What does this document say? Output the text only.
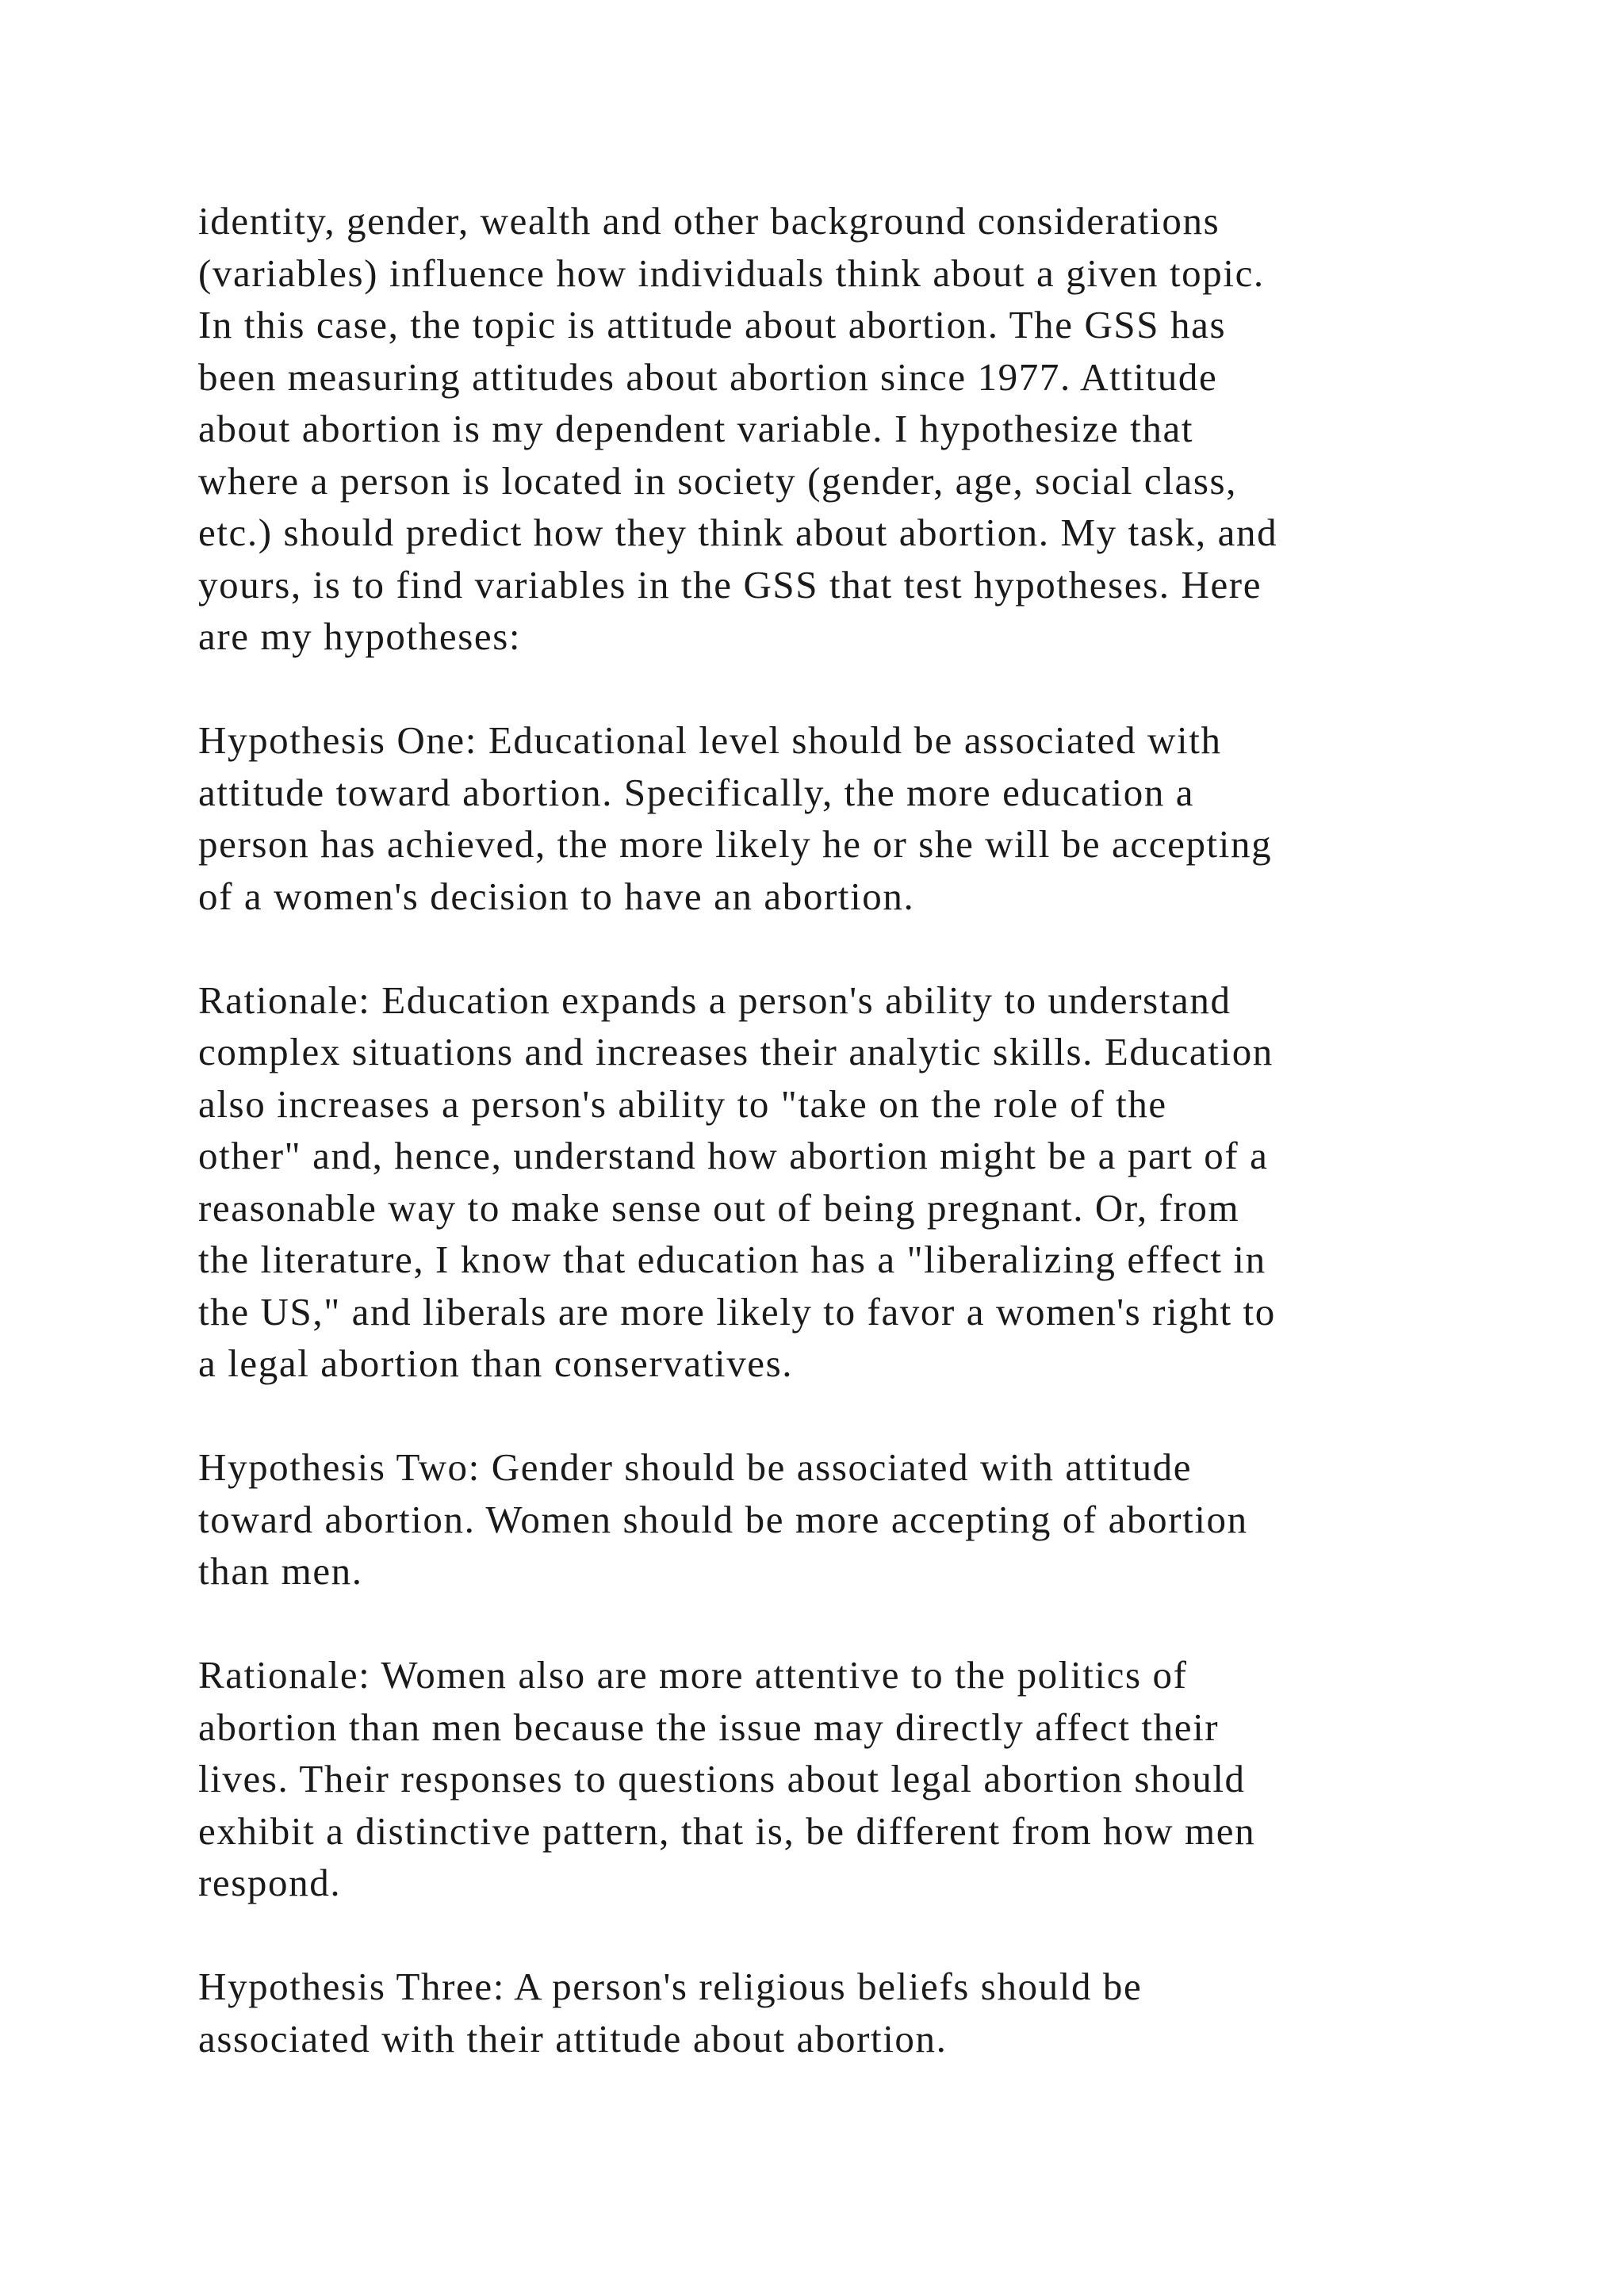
identity, gender, wealth and other background considerations
(variables) influence how individuals think about a given topic.
In this case, the topic is attitude about abortion. The GSS has
been measuring attitudes about abortion since 1977. Attitude
about abortion is my dependent variable. I hypothesize that
where a person is located in society (gender, age, social class,
etc.) should predict how they think about abortion. My task, and
yours, is to find variables in the GSS that test hypotheses. Here
are my hypotheses:
Hypothesis One: Educational level should be associated with
attitude toward abortion. Specifically, the more education a
person has achieved, the more likely he or she will be accepting
of a women's decision to have an abortion.
Rationale: Education expands a person's ability to understand
complex situations and increases their analytic skills. Education
also increases a person's ability to "take on the role of the
other" and, hence, understand how abortion might be a part of a
reasonable way to make sense out of being pregnant. Or, from
the literature, I know that education has a "liberalizing effect in
the US," and liberals are more likely to favor a women's right to
a legal abortion than conservatives.
Hypothesis Two: Gender should be associated with attitude
toward abortion. Women should be more accepting of abortion
than men.
Rationale: Women also are more attentive to the politics of
abortion than men because the issue may directly affect their
lives. Their responses to questions about legal abortion should
exhibit a distinctive pattern, that is, be different from how men
respond.
Hypothesis Three: A person's religious beliefs should be
associated with their attitude about abortion.
